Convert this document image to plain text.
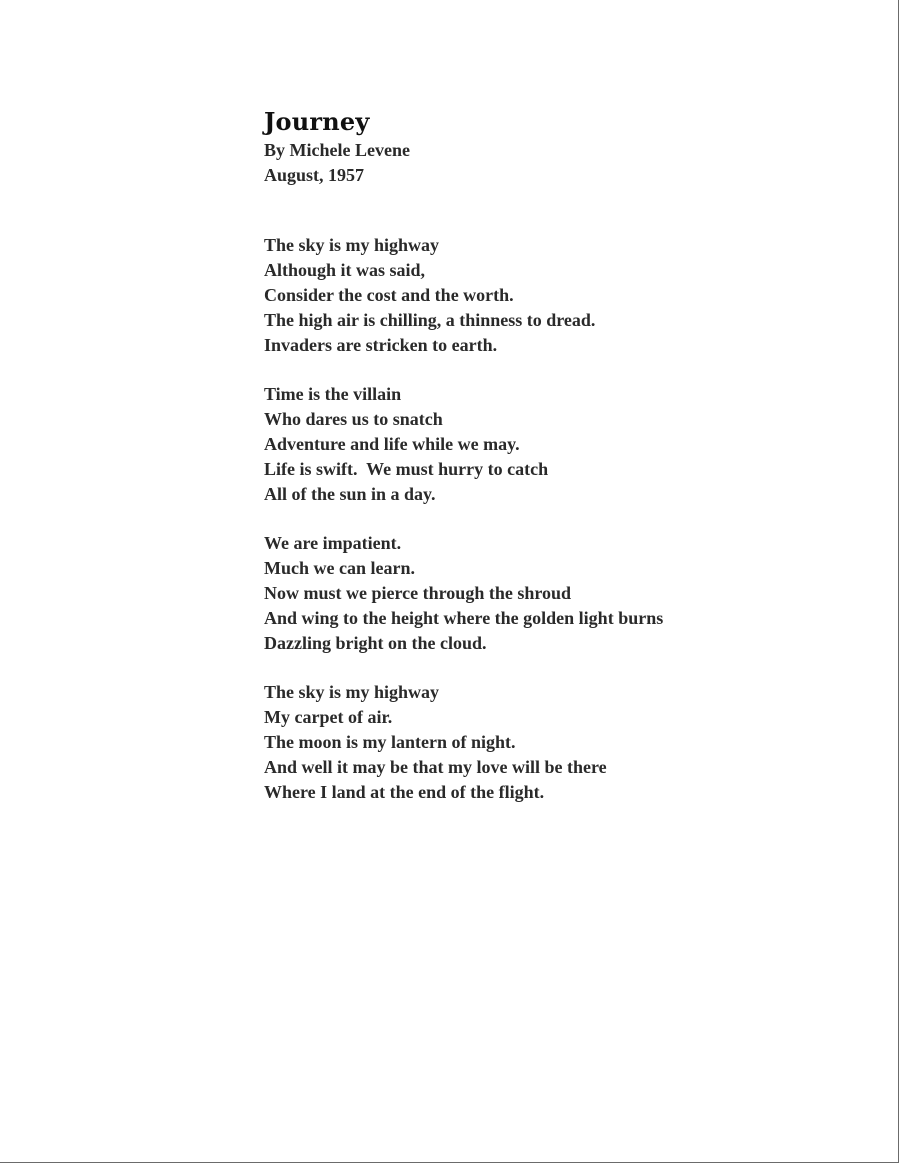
Journey
By Michele Levene
August, 1957
The sky is my highway
Although it was said,
Consider the cost and the worth.
The high air is chilling, a thinness to dread.
Invaders are stricken to earth.
Time is the villain
Who dares us to snatch
Adventure and life while we may.
Life is swift.  We must hurry to catch
All of the sun in a day.
We are impatient.
Much we can learn.
Now must we pierce through the shroud
And wing to the height where the golden light burns
Dazzling bright on the cloud.
The sky is my highway
My carpet of air.
The moon is my lantern of night.
And well it may be that my love will be there
Where I land at the end of the flight.
